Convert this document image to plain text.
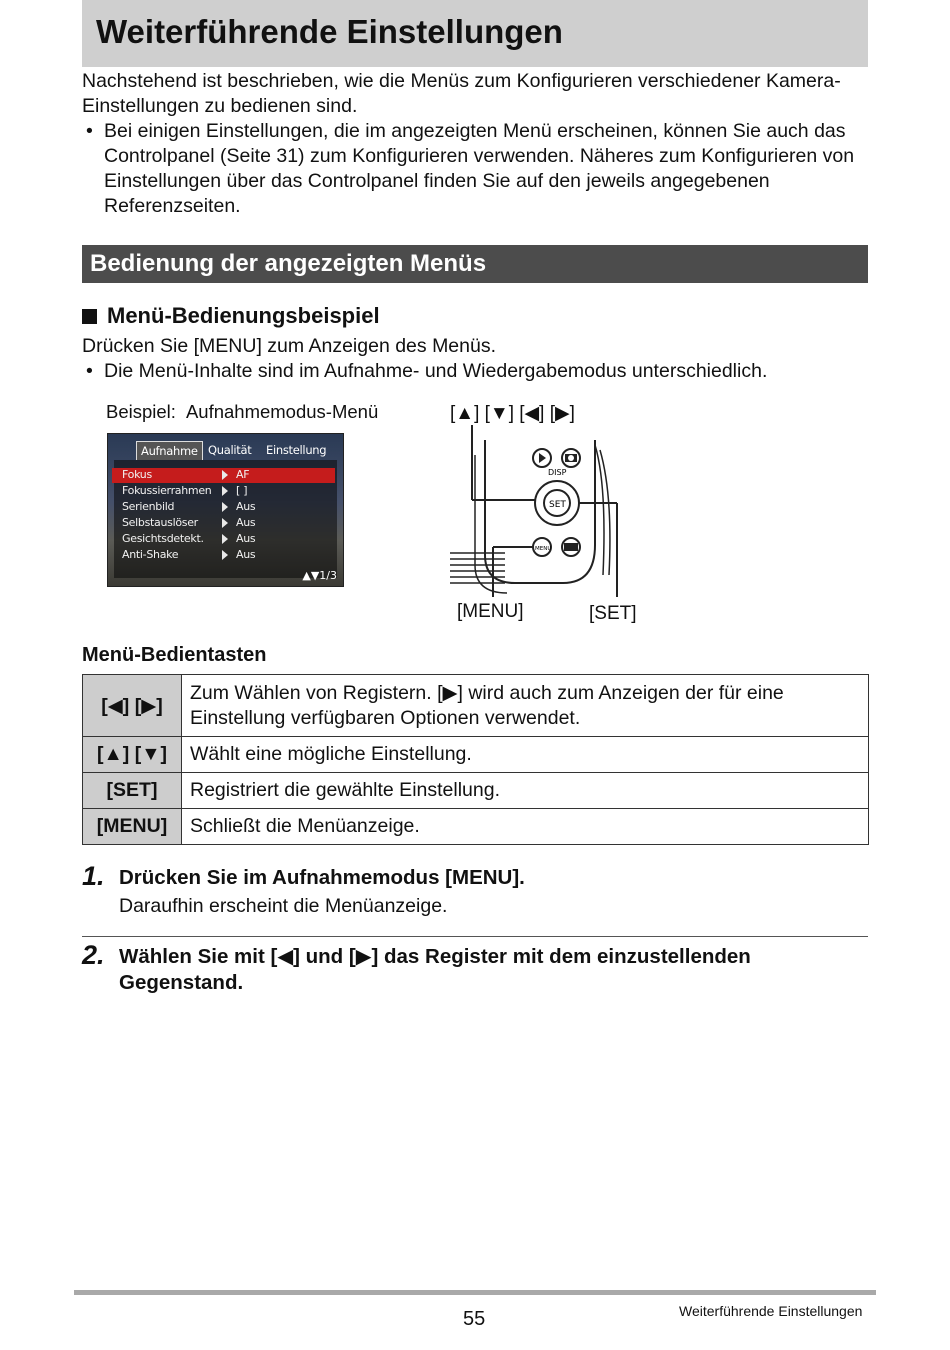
Weiterführende Einstellungen
Nachstehend ist beschrieben, wie die Menüs zum Konfigurieren verschiedener Kamera-Einstellungen zu bedienen sind.
• Bei einigen Einstellungen, die im angezeigten Menü erscheinen, können Sie auch das Controlpanel (Seite 31) zum Konfigurieren verwenden. Näheres zum Konfigurieren von Einstellungen über das Controlpanel finden Sie auf den jeweils angegebenen Referenzseiten.
Bedienung der angezeigten Menüs
Menü-Bedienungsbeispiel
Drücken Sie [MENU] zum Anzeigen des Menüs.
• Die Menü-Inhalte sind im Aufnahme- und Wiedergabemodus unterschiedlich.
Beispiel: Aufnahmemodus-Menü
Aufnahme Qualität	Einstellung
Fokus	AF
Fokussierrahmen [ ]
Serienbild	Aus
Selbstauslöser	Aus
Gesichtsdetekt.	Aus
Anti-Shake	Aus
▲▼1/3
[▲] [▼] [◀] [▶]
DISP
SET
MENU
[MENU]	[SET]
Menü-Bedientasten
[◀] [▶]	Zum Wählen von Registern. [▶] wird auch zum Anzeigen der für eine Einstellung verfügbaren Optionen verwendet.
[▲] [▼]	Wählt eine mögliche Einstellung.
[SET]	Registriert die gewählte Einstellung.
[MENU]	Schließt die Menüanzeige.
1. Drücken Sie im Aufnahmemodus [MENU].
Daraufhin erscheint die Menüanzeige.
2. Wählen Sie mit [◀] und [▶] das Register mit dem einzustellenden Gegenstand.
55	Weiterführende Einstellungen
